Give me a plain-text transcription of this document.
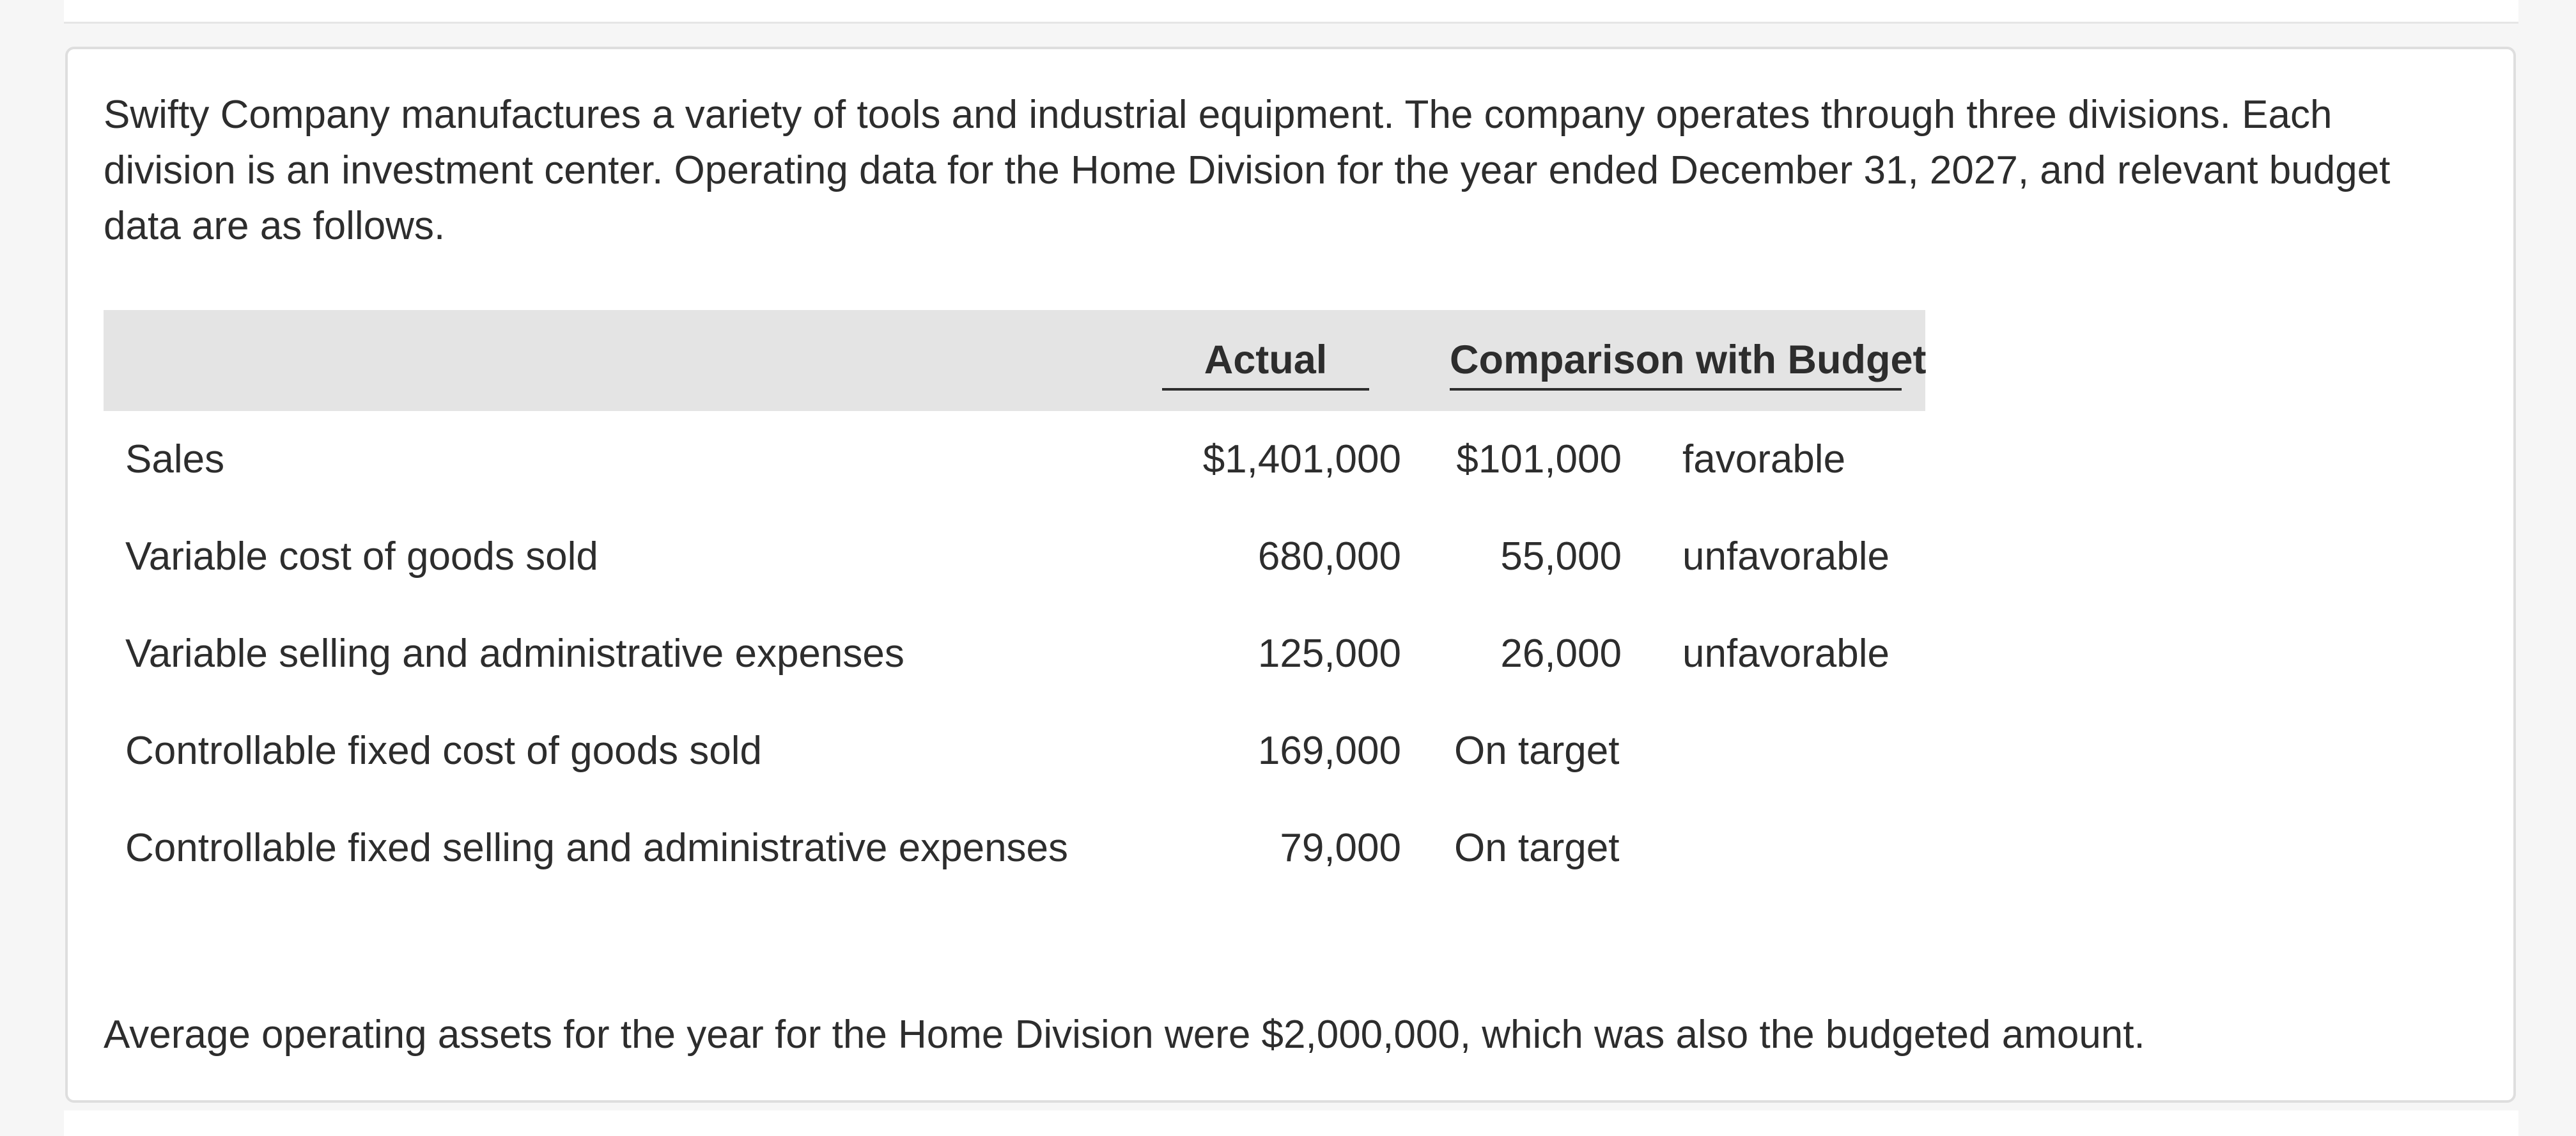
Swifty Company manufactures a variety of tools and industrial equipment. The company operates through three divisions. Each division is an investment center. Operating data for the Home Division for the year ended December 31, 2027, and relevant budget data are as follows.

Actual	Comparison with Budget
Sales	$1,401,000 $101,000 favorable
Variable cost of goods sold	680,000	55,000 unfavorable
Variable selling and administrative expenses	125,000	26,000 unfavorable
Controllable fixed cost of goods sold	169,000 On target
Controllable fixed selling and administrative expenses	79,000 On target

Average operating assets for the year for the Home Division were $2,000,000, which was also the budgeted amount.
